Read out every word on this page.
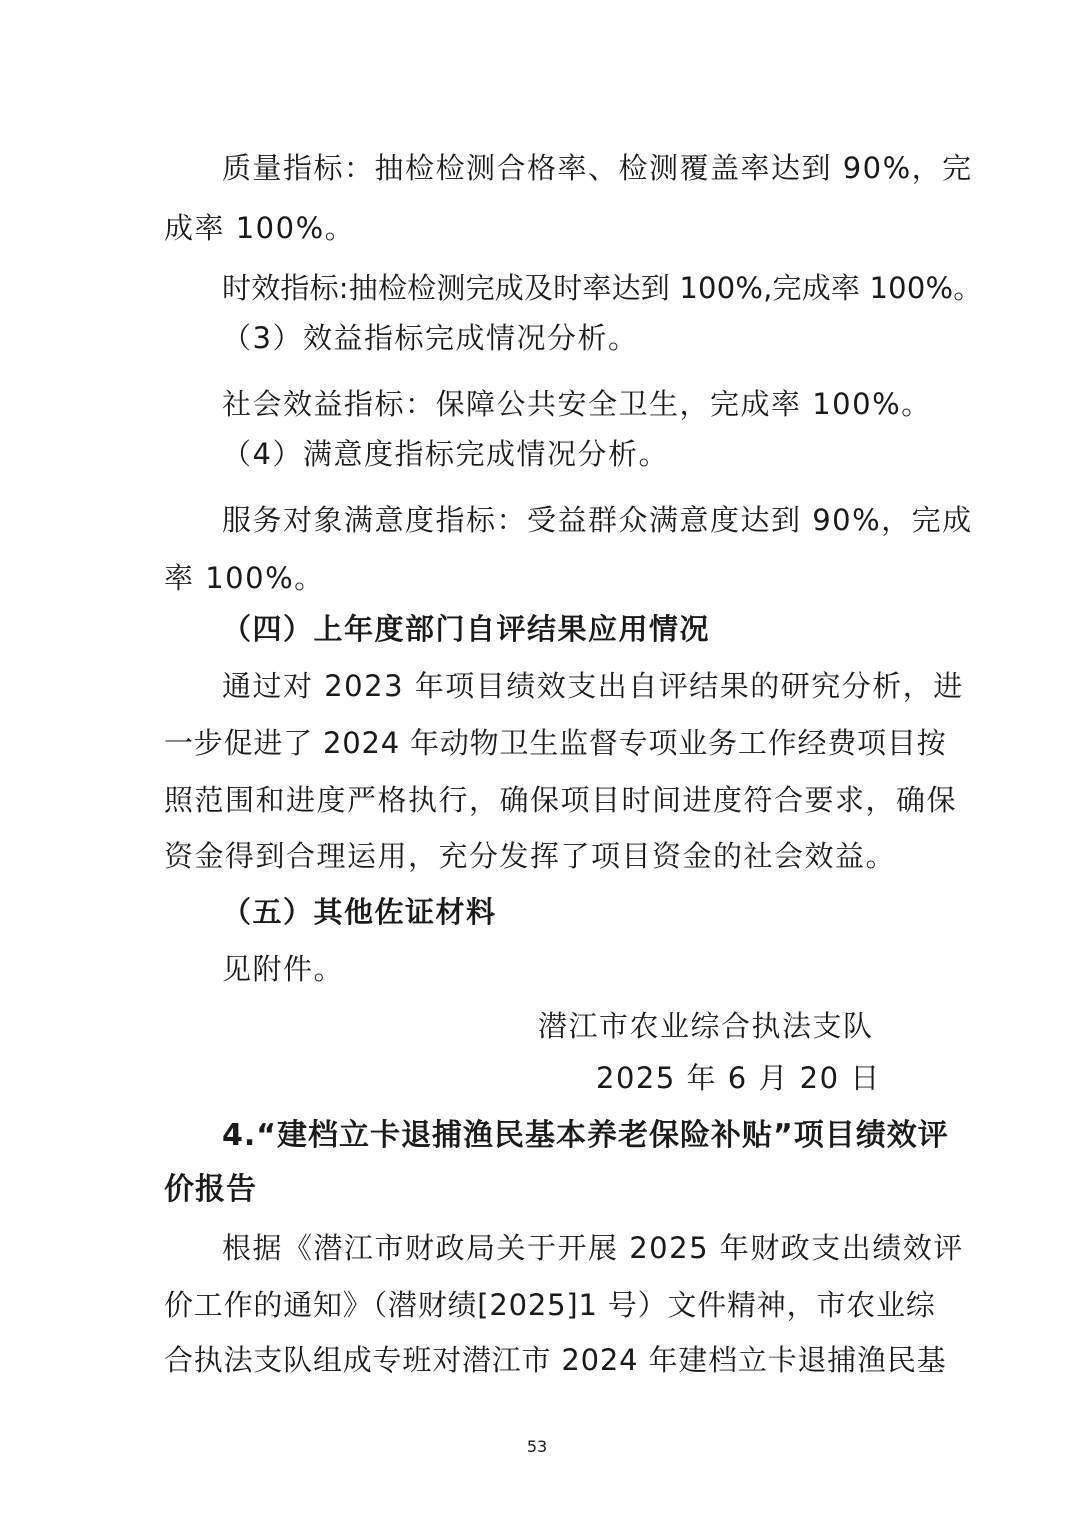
质量指标：抽检检测合格率、检测覆盖率达到 90%，完
成率 100%。
时效指标:抽检检测完成及时率达到 100%,完成率 100%。
（3）效益指标完成情况分析。
社会效益指标：保障公共安全卫生，完成率 100%。
（4）满意度指标完成情况分析。
服务对象满意度指标：受益群众满意度达到 90%，完成
率 100%。
（四）上年度部门自评结果应用情况
通过对 2023 年项目绩效支出自评结果的研究分析，进
一步促进了 2024 年动物卫生监督专项业务工作经费项目按
照范围和进度严格执行，确保项目时间进度符合要求，确保
资金得到合理运用，充分发挥了项目资金的社会效益。
（五）其他佐证材料
见附件。
潜江市农业综合执法支队
2025 年 6 月 20 日
4.“建档立卡退捕渔民基本养老保险补贴”项目绩效评
价报告
根据《潜江市财政局关于开展 2025 年财政支出绩效评
价工作的通知》（潜财绩[2025]1 号）文件精神，市农业综
合执法支队组成专班对潜江市 2024 年建档立卡退捕渔民基
53
